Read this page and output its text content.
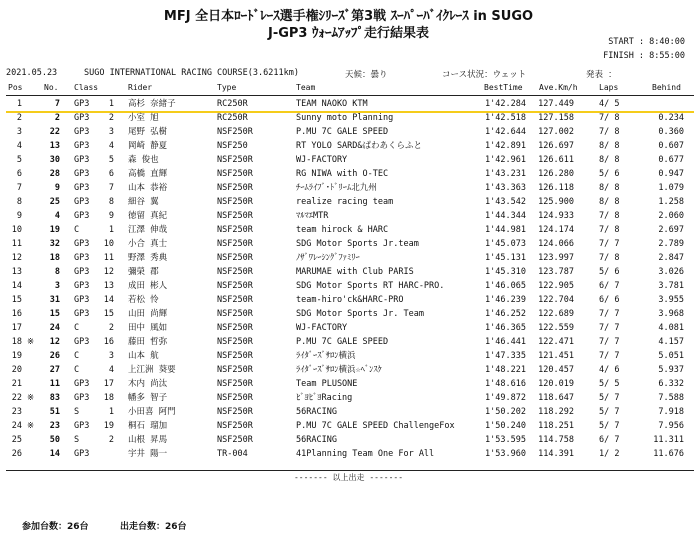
MFJ 全日本ﾛｰﾄﾞﾚｰｽ選手権ｼﾘｰｽﾞ第3戦 ｽｰﾊﾟｰﾊﾞｲｸﾚｰｽ in SUGO
J-GP3 ｳｫｰﾑｱｯﾌﾟ走行結果表
START : 8:40:00
FINISH : 8:55:00
2021.05.23	SUGO INTERNATIONAL RACING COURSE(3.6211km)	天候：曇り	コース状況：ウェット	発表 ：
Pos	No. Class	Rider	Type	Team	BestTime Ave.Km/h	Laps	Behind
1	7 GP3	1 高杉 奈緒子	RC250R	TEAM NAOKO KTM	1'42.284	127.449	4/ 5
2	2 GP3	2 小室 旭	RC250R	Sunny moto Planning	1'42.518	127.158	7/ 8	0.234
3	22 GP3	3 尾野 弘樹	NSF250R	P.MU 7C GALE SPEED	1'42.644	127.002	7/ 8	0.360
4	13 GP3	4 岡崎 静夏	NSF250	RT YOLO SARD&ぱわあくらふと	1'42.891	126.697	8/ 8	0.607
5	30 GP3	5 森 俊也	NSF250R	WJ-FACTORY	1'42.961	126.611	8/ 8	0.677
6	28 GP3	6 高橋 直輝	NSF250R	RG NIWA with O-TEC	1'43.231	126.280	5/ 6	0.947
7	9 GP3	7 山本 恭裕	NSF250R	ﾁｰﾑﾗｲﾌﾞ･ﾄﾞﾘｰﾑ北九州	1'43.363	126.118	8/ 8	1.079
8	25 GP3	8 細谷 翼	NSF250R	realize racing team	1'43.542	125.900	8/ 8	1.258
9	4 GP3	9 徳留 真紀	NSF250R	ﾏﾙﾏｴMTR	1'44.344	124.933	7/ 8	2.060
10	19 C	1 江澤 伸哉	NSF250R	team hirock & HARC	1'44.981	124.174	7/ 8	2.697
11	32 GP3	10 小合 真士	NSF250R	SDG Motor Sports Jr.team	1'45.073	124.066	7/ 7	2.789
12	18 GP3	11 野澤 秀典	NSF250R	ﾉｻﾞﾜﾚｰｼﾝｸﾞﾌｧﾐﾘｰ	1'45.131	123.997	7/ 8	2.847
13	8 GP3	12 彌榮 郡	NSF250R	MARUMAE with Club PARIS	1'45.310	123.787	5/ 6	3.026
14	3 GP3	13 成田 彬人	NSF250R	SDG Motor Sports RT HARC-PRO.	1'46.065	122.905	6/ 7	3.781
15	31 GP3	14 若松 怜	NSF250R	team-hiro'ck&HARC-PRO	1'46.239	122.704	6/ 6	3.955
16	15 GP3	15 山田 尚輝	NSF250R	SDG Motor Sports Jr. Team	1'46.252	122.689	7/ 7	3.968
17	24 C	2 田中 風如	NSF250R	WJ-FACTORY	1'46.365	122.559	7/ 7	4.081
18 ※	12 GP3	16 藤田 哲弥	NSF250R	P.MU 7C GALE SPEED	1'46.441	122.471	7/ 7	4.157
19	26 C	3 山本 航	NSF250R	ﾗｲﾀﾞｰｽﾞｻﾛﾝ横浜	1'47.335	121.451	7/ 7	5.051
20	27 C	4 上江洲 葵要	NSF250R	ﾗｲﾀﾞｰｽﾞｻﾛﾝ横浜☆ﾍﾞﾝｽｹ	1'48.221	120.457	4/ 6	5.937
21	11 GP3	17 木内 尚汰	NSF250R	Team PLUSONE	1'48.616	120.019	5/ 5	6.332
22 ※	83 GP3	18 幡多 智子	NSF250R	ﾋﾞﾖﾋﾞﾖRacing	1'49.872	118.647	5/ 7	7.588
23	51 S	1 小田喜 阿門	NSF250R	56RACING	1'50.202	118.292	5/ 7	7.918
24 ※	23 GP3	19 桐石 瑠加	NSF250R	P.MU 7C GALE SPEED ChallengeFox	1'50.240	118.251	5/ 7	7.956
25	50 S	2 山根 昇馬	NSF250R	56RACING	1'53.595	114.758	6/ 7	11.311
26	14 GP3	宇井 陽一	TR-004	41Planning Team One For All	1'53.960	114.391	1/ 2	11.676
------- 以上出走 -------
参加台数：26台	出走台数：26台
